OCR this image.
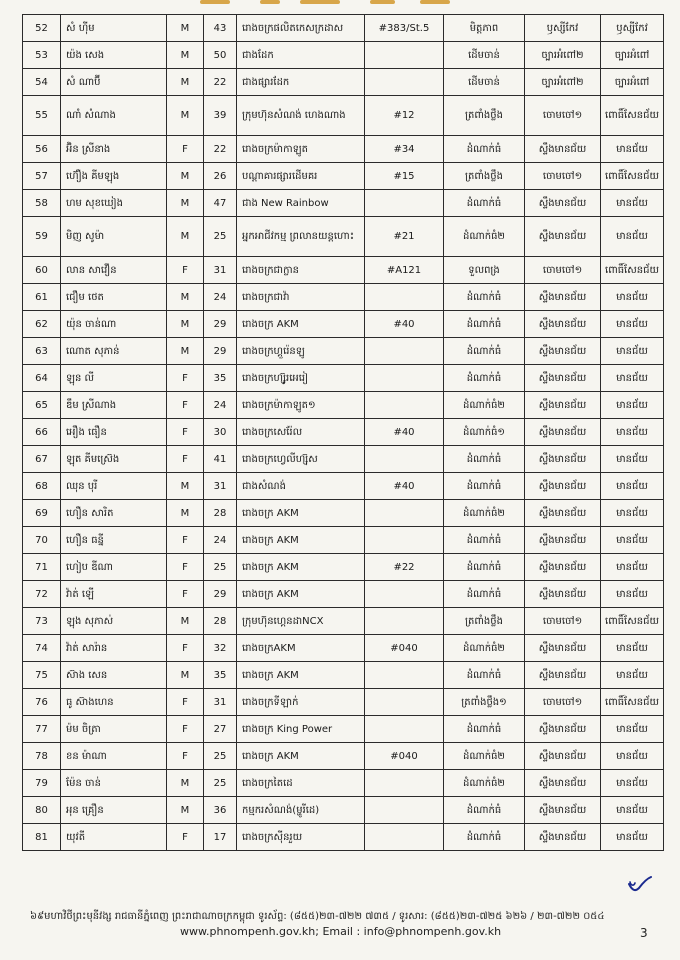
52	សំ ហ៊ីម	M	43	រោងចក្រផលិតកេសក្រដាស	#383/St.5	មិត្តភាព	ឫស្សីកែវ	ឫស្សីកែវ
53	យ៉ង សេង	M	50	ជាងដែក		ដើមចាន់	ច្បារអំពៅ២	ច្បារអំពៅ
54	សំ ណាប៊ី	M	22	ជាងផ្សារដែក		ដើមចាន់	ច្បារអំពៅ២	ច្បារអំពៅ
55	ណាំ សំណាង	M	39	ក្រុមហ៊ុនសំណង់ ហេងណាង	#12	ត្រពាំងថ្លឹង	ចោមចៅ១	ពោធិ៍សែនជ័យ
56	អ៊ិន ស្រីនាង	F	22	រោងចក្រម៉ាកាឡូត	#34	ដំណាក់ធំ	ស្ទឹងមានជ័យ	មានជ័យ
57	ហ៊ឿង គីមឡុង	M	26	បណ្តាគារផ្សារដើមគរ	#15	ត្រពាំងថ្លឹង	ចោមចៅ១	ពោធិ៍សែនជ័យ
58	ហម សុខឃៀង	M	47	ជាង New Rainbow		ដំណាក់ធំ	ស្ទឹងមានជ័យ	មានជ័យ
59	មិញ សូម៉ា	M	25	អ្នកអាជីវកម្ម ព្រលានយន្តហោះ	#21	ដំណាក់ធំ២	ស្ទឹងមានជ័យ	មានជ័យ
60	លាន សាវឿន	F	31	រោងចក្រជាក្លាន	#A121	ទួលពង្រ	ចោមចៅ១	ពោធិ៍សែនជ័យ
61	ជឿម ថេត	M	24	រោងចក្រជាវ៉ា		ដំណាក់ធំ	ស្ទឹងមានជ័យ	មានជ័យ
62	យ៉ុន ចាន់ណា	M	29	រោងចក្រ AKM	#40	ដំណាក់ធំ	ស្ទឹងមានជ័យ	មានជ័យ
63	ណោត សុភាន់	M	29	រោងចក្រហ្គួរ៉េនឡូ		ដំណាក់ធំ	ស្ទឹងមានជ័យ	មានជ័យ
64	ឡុន លី	F	35	រោងចក្រហ្ស៊ូរអេរៀ		ដំណាក់ធំ	ស្ទឹងមានជ័យ	មានជ័យ
65	ឌឹម ស្រីណាង	F	24	រោងចក្រម៉ាកាឡូត១		ដំណាក់ធំ២	ស្ទឹងមានជ័យ	មានជ័យ
66	អឿង ធឿន	F	30	រោងចក្រសេរ៉ែល	#40	ដំណាក់ធំ១	ស្ទឹងមានជ័យ	មានជ័យ
67	ឡុត គីមស្រ៊េង	F	41	រោងចក្រហ្វេលីហ្ស៊ុស		ដំណាក់ធំ	ស្ទឹងមានជ័យ	មានជ័យ
68	ឈុន បុរី	M	31	ជាងសំណង់	#40	ដំណាក់ធំ	ស្ទឹងមានជ័យ	មានជ័យ
69	ហឿន សារិត	M	28	រោងចក្រ AKM		ដំណាក់ធំ២	ស្ទឹងមានជ័យ	មានជ័យ
70	ហឿន ធន្នី	F	24	រោងចក្រ AKM		ដំណាក់ធំ	ស្ទឹងមានជ័យ	មានជ័យ
71	ហៀប ឌីណា	F	25	រោងចក្រ AKM	#22	ដំណាក់ធំ	ស្ទឹងមានជ័យ	មានជ័យ
72	វ៉ាត់ ឡើ	F	29	រោងចក្រ AKM		ដំណាក់ធំ	ស្ទឹងមានជ័យ	មានជ័យ
73	ឡុង សុភាស់	M	28	ក្រុមហ៊ុនហ្គេនដាNCX		ត្រពាំងថ្លឹង	ចោមចៅ១	ពោធិ៍សែនជ័យ
74	វ៉ាត់ សារ៉ាន	F	32	រោងចក្រAKM	#040	ដំណាក់ធំ២	ស្ទឹងមានជ័យ	មានជ័យ
75	ស៊ាង សេន	M	35	រោងចក្រ AKM		ដំណាក់ធំ	ស្ទឹងមានជ័យ	មានជ័យ
76	ធូ ស៊ាងហេន	F	31	រោងចក្រទីឡាក់		ត្រពាំងថ្លឹង១	ចោមចៅ១	ពោធិ៍សែនជ័យ
77	ម៉ម ចិត្រា	F	27	រោងចក្រ King Power		ដំណាក់ធំ	ស្ទឹងមានជ័យ	មានជ័យ
78	ខន ម៉ាណា	F	25	រោងចក្រ AKM	#040	ដំណាក់ធំ២	ស្ទឹងមានជ័យ	មានជ័យ
79	ម៉ែន ចាន់	M	25	រោងចក្រតៃដេ		ដំណាក់ធំ២	ស្ទឹងមានជ័យ	មានជ័យ
80	អុន គ្រឿន	M	36	កម្មករសំណង់(ម្ហូរីដេ)		ដំណាក់ធំ	ស្ទឹងមានជ័យ	មានជ័យ
81	យុវតី	F	17	រោងចក្រស៊ីនរួយ		ដំណាក់ធំ	ស្ទឹងមានជ័យ	មានជ័យ
៦៩មហាវិថីព្រះមុនីវង្ស រាជធានីភ្នំពេញ ព្រះរាជាណាចក្រកម្ពុជា ទូរស័ព្ទ: (៨៥៥)២៣-៧២២ ៧៣៥ / ទូរសារ: (៨៥៥)២៣-៧២៥ ៦២៦ / ២៣-៧២២ ០៥៤
www.phnompenh.gov.kh; Email : info@phnompenh.gov.kh	3
